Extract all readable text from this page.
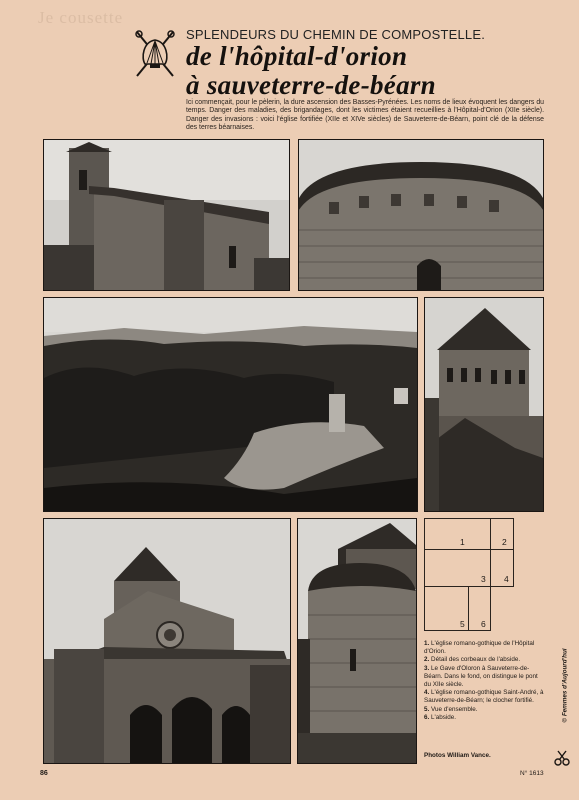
Je cousette
SPLENDEURS DU CHEMIN DE COMPOSTELLE.
de l'hôpital-d'orion
à sauveterre-de-béarn
Ici commençait, pour le pèlerin, la dure ascension des Basses-Pyrénées. Les noms de lieux évoquent les dangers du temps. Danger des maladies, des brigandages, dont les victimes étaient recueillies à l'Hôpital-d'Orion (XIIe siècle). Danger des invasions : voici l'église fortifiée (XIIe et XIVe siècles) de Sauveterre-de-Béarn, point clé de la défense des terres béarnaises.
1	2
3 4
5 6
1. L'église romano-gothique de l'Hôpital d'Orion.
2. Détail des corbeaux de l'abside.
3. Le Gave d'Oloron à Sauveterre-de-Béarn. Dans le fond, on distingue le pont du XIIe siècle.
4. L'église romano-gothique Saint-André, à Sauveterre-de-Béarn; le clocher fortifié.
5. Vue d'ensemble.
6. L'abside.
Photos William Vance.
© Femmes d'Aujourd'hui
86	N° 1613
